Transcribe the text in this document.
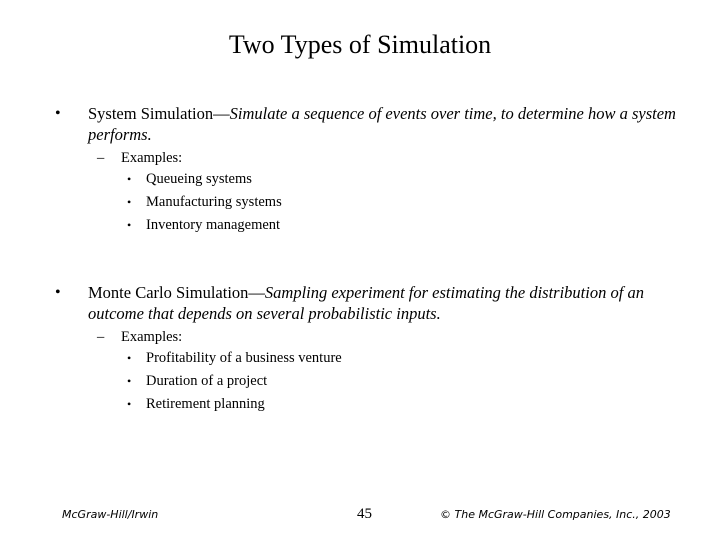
Two Types of Simulation
• System Simulation—Simulate a sequence of events over time, to determine how a system performs.
– Examples:
• Queueing systems
• Manufacturing systems
• Inventory management
• Monte Carlo Simulation—Sampling experiment for estimating the distribution of an outcome that depends on several probabilistic inputs.
– Examples:
• Profitability of a business venture
• Duration of a project
• Retirement planning
McGraw-Hill/Irwin	45	© The McGraw-Hill Companies, Inc., 2003
